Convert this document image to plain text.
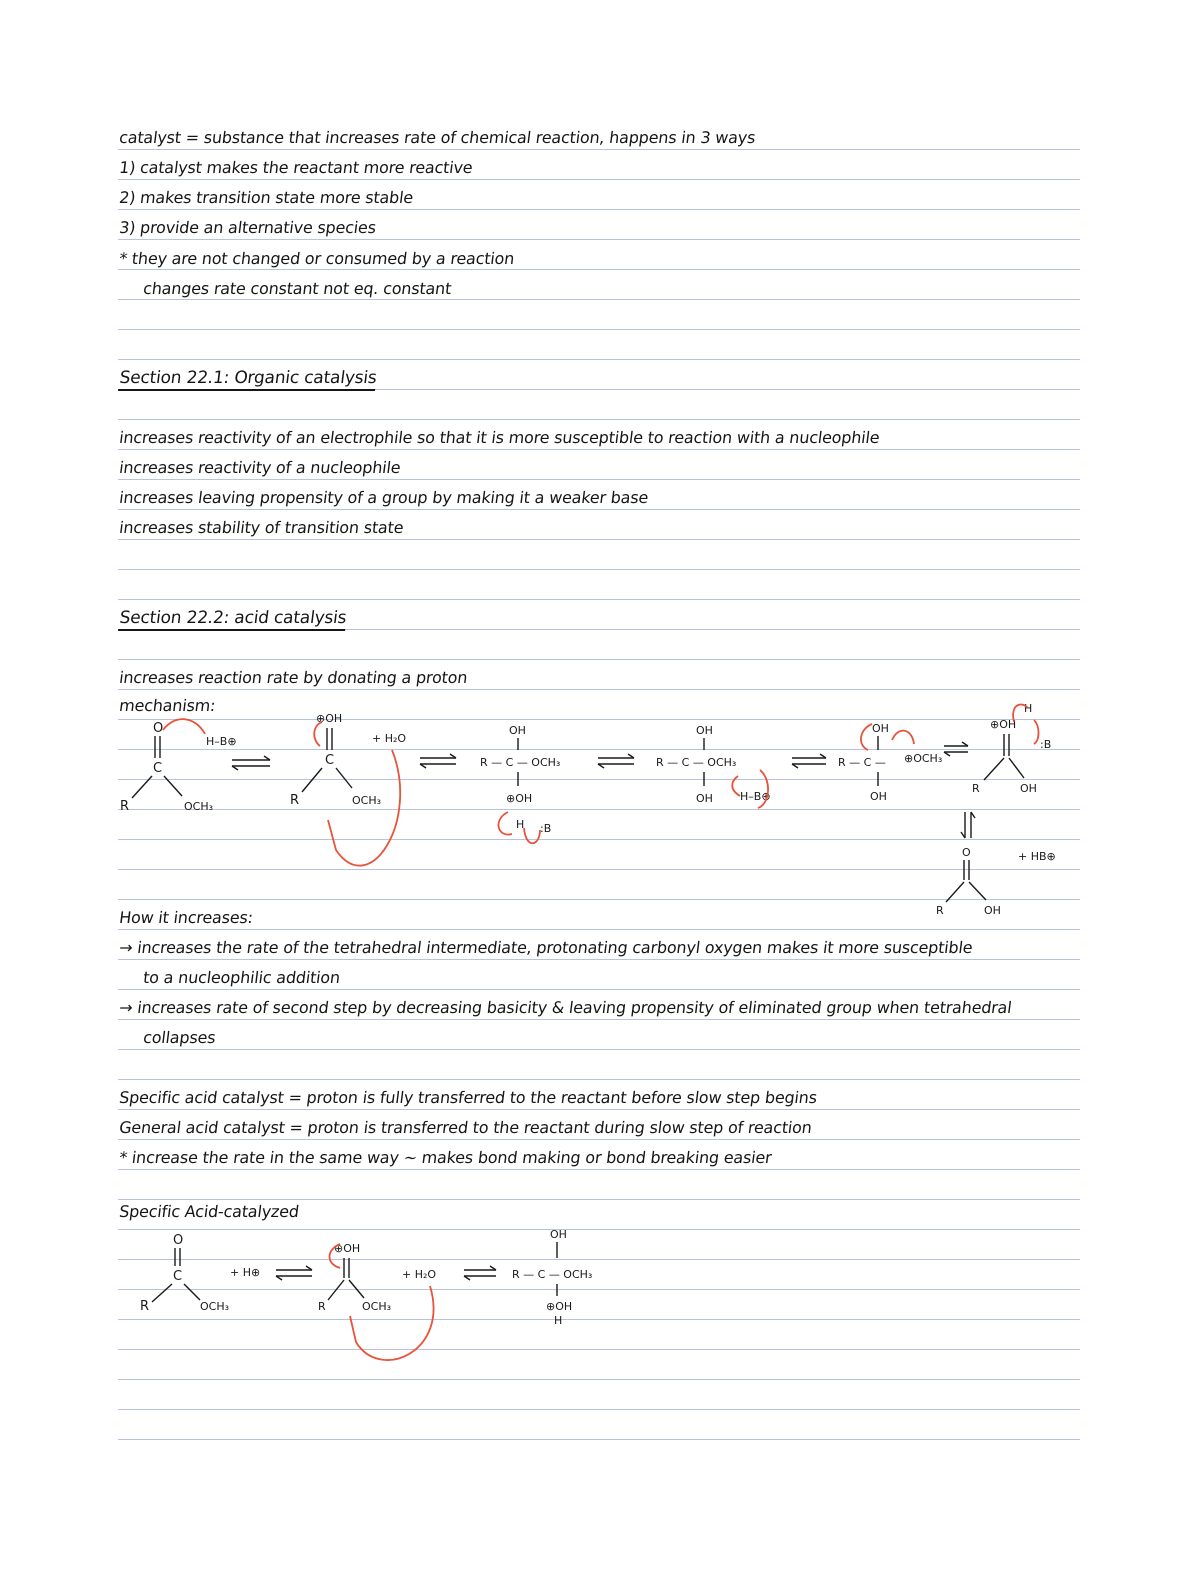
catalyst = substance that increases rate of chemical reaction, happens in 3 ways
1) catalyst makes the reactant more reactive
2) makes transition state more stable
3) provide an alternative species
* they are not changed or consumed by a reaction
changes rate constant not eq. constant
Section 22.1: Organic catalysis
increases reactivity of an electrophile so that it is more susceptible to reaction with a nucleophile
increases reactivity of a nucleophile
increases leaving propensity of a group by making it a weaker base
increases stability of transition state
Section 22.2: acid catalysis
increases reaction rate by donating a proton
mechanism:
O
C
R	OCH₃
H–B⊕
⊕OH
C
R	OCH₃
+ H₂O
OH
R — C — OCH₃
⊕OH
H :B
OH
R — C — OCH₃
OH H–B⊕
OH
R — C — ⊕OCH₃
OH
⊕OH
H
R	OH
:B
O
R	OH
+ HB⊕
How it increases:
→ increases the rate of the tetrahedral intermediate, protonating carbonyl oxygen makes it more susceptible
to a nucleophilic addition
→ increases rate of second step by decreasing basicity & leaving propensity of eliminated group when tetrahedral
collapses
Specific acid catalyst = proton is fully transferred to the reactant before slow step begins
General acid catalyst = proton is transferred to the reactant during slow step of reaction
* increase the rate in the same way ~ makes bond making or bond breaking easier
Specific Acid-catalyzed
O
C
R	OCH₃
+ H⊕
⊕OH
R	OCH₃
+ H₂O
OH
R — C — OCH₃
⊕OH
H
